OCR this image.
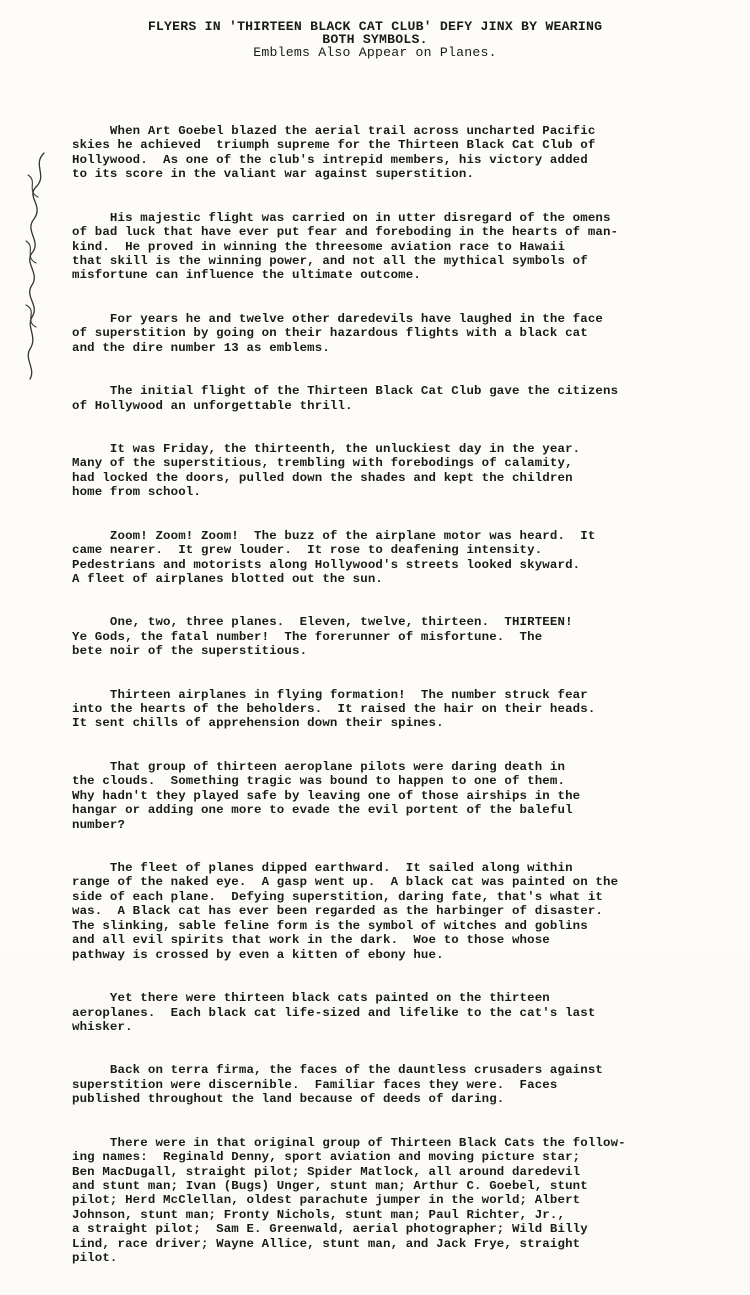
FLYERS IN 'THIRTEEN BLACK CAT CLUB' DEFY JINX BY WEARING
BOTH SYMBOLS.
Emblems Also Appear on Planes.

When Art Goebel blazed the aerial trail across uncharted Pacific
skies he achieved  triumph supreme for the Thirteen Black Cat Club of
Hollywood.  As one of the club's intrepid members, his victory added
to its score in the valiant war against superstition.

His majestic flight was carried on in utter disregard of the omens
of bad luck that have ever put fear and foreboding in the hearts of man-
kind.  He proved in winning the threesome aviation race to Hawaii
that skill is the winning power, and not all the mythical symbols of
misfortune can influence the ultimate outcome.

For years he and twelve other daredevils have laughed in the face
of superstition by going on their hazardous flights with a black cat
and the dire number 13 as emblems.

The initial flight of the Thirteen Black Cat Club gave the citizens
of Hollywood an unforgettable thrill.

It was Friday, the thirteenth, the unluckiest day in the year.
Many of the superstitious, trembling with forebodings of calamity,
had locked the doors, pulled down the shades and kept the children
home from school.

Zoom! Zoom! Zoom!  The buzz of the airplane motor was heard.  It
came nearer.  It grew louder.  It rose to deafening intensity.
Pedestrians and motorists along Hollywood's streets looked skyward.
A fleet of airplanes blotted out the sun.

One, two, three planes.  Eleven, twelve, thirteen.  THIRTEEN!
Ye Gods, the fatal number!  The forerunner of misfortune.  The
bete noir of the superstitious.

Thirteen airplanes in flying formation!  The number struck fear
into the hearts of the beholders.  It raised the hair on their heads.
It sent chills of apprehension down their spines.

That group of thirteen aeroplane pilots were daring death in
the clouds.  Something tragic was bound to happen to one of them.
Why hadn't they played safe by leaving one of those airships in the
hangar or adding one more to evade the evil portent of the baleful
number?

The fleet of planes dipped earthward.  It sailed along within
range of the naked eye.  A gasp went up.  A black cat was painted on the
side of each plane.  Defying superstition, daring fate, that's what it
was.  A Black cat has ever been regarded as the harbinger of disaster.
The slinking, sable feline form is the symbol of witches and goblins
and all evil spirits that work in the dark.  Woe to those whose
pathway is crossed by even a kitten of ebony hue.

Yet there were thirteen black cats painted on the thirteen
aeroplanes.  Each black cat life-sized and lifelike to the cat's last
whisker.

Back on terra firma, the faces of the dauntless crusaders against
superstition were discernible.  Familiar faces they were.  Faces
published throughout the land because of deeds of daring.

There were in that original group of Thirteen Black Cats the follow-
ing names:  Reginald Denny, sport aviation and moving picture star;
Ben MacDugall, straight pilot; Spider Matlock, all around daredevil
and stunt man; Ivan (Bugs) Unger, stunt man; Arthur C. Goebel, stunt
pilot; Herd McClellan, oldest parachute jumper in the world; Albert
Johnson, stunt man; Fronty Nichols, stunt man; Paul Richter, Jr.,
a straight pilot;  Sam E. Greenwald, aerial photographer; Wild Billy
Lind, race driver; Wayne Allice, stunt man, and Jack Frye, straight
pilot.
